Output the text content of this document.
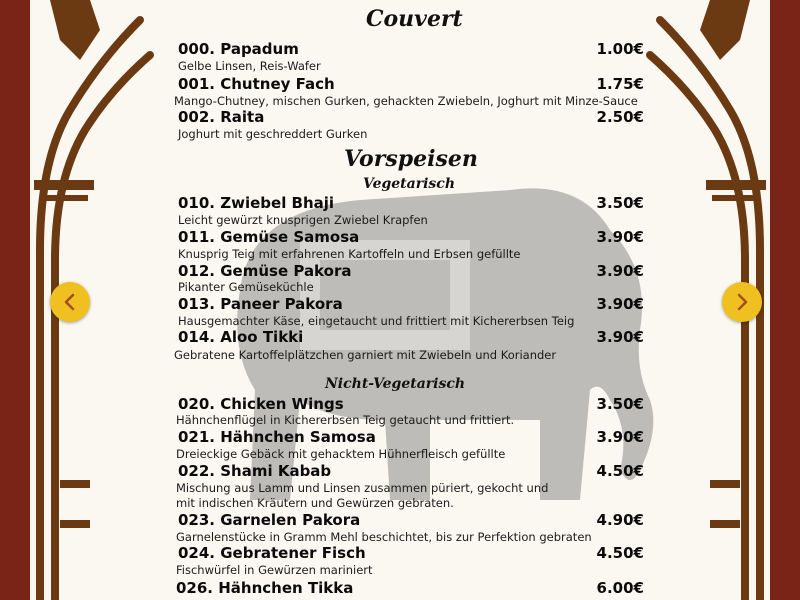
Couvert
000. Papadum	1.00€
Gelbe Linsen, Reis-Wafer
001. Chutney Fach	1.75€
Mango-Chutney, mischen Gurken, gehackten Zwiebeln, Joghurt mit Minze-Sauce
002. Raita	2.50€
Joghurt mit geschreddert Gurken
Vorspeisen
Vegetarisch
010. Zwiebel Bhaji	3.50€
Leicht gewürzt knusprigen Zwiebel Krapfen
011. Gemüse Samosa	3.90€
Knusprig Teig mit erfahrenen Kartoffeln und Erbsen gefüllte
012. Gemüse Pakora	3.90€
Pikanter Gemüseküchle
013. Paneer Pakora	3.90€
Hausgemachter Käse, eingetaucht und frittiert mit Kichererbsen Teig
014. Aloo Tikki	3.90€
Gebratene Kartoffelplätzchen garniert mit Zwiebeln und Koriander
Nicht-Vegetarisch
020. Chicken Wings	3.50€
Hähnchenflügel in Kichererbsen Teig getaucht und frittiert.
021. Hähnchen Samosa	3.90€
Dreieckige Gebäck mit gehacktem Hühnerfleisch gefüllte
022. Shami Kabab	4.50€
Mischung aus Lamm und Linsen zusammen püriert, gekocht und
mit indischen Kräutern und Gewürzen gebraten.
023. Garnelen Pakora	4.90€
Garnelenstücke in Gramm Mehl beschichtet, bis zur Perfektion gebraten
024. Gebratener Fisch	4.50€
Fischwürfel in Gewürzen mariniert
026. Hähnchen Tikka	6.00€
